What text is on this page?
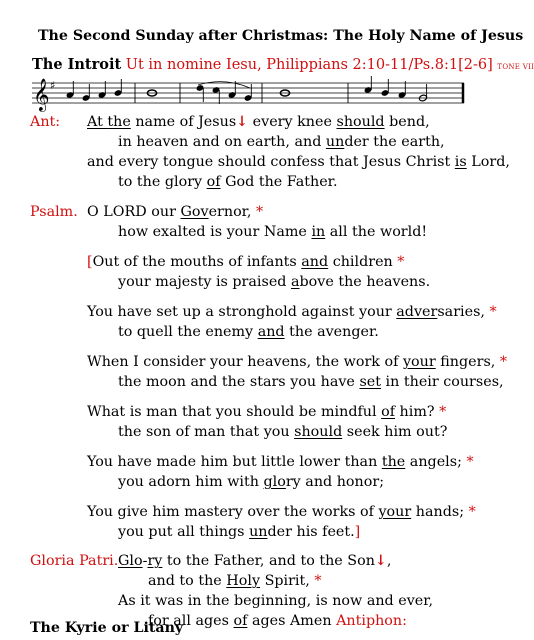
The Second Sunday after Christmas: The Holy Name of Jesus
The Introit Ut in nomine Iesu, Philippians 2:10-11/Ps.8:1[2-6] TONE VII
𝄞 ♯
Ant: At the name of Jesus↓ every knee should bend,
in heaven and on earth, and under the earth,
and every tongue should confess that Jesus Christ is Lord,
to the glory of God the Father.
Psalm. O LORD our Governor, *
how exalted is your Name in all the world!
[Out of the mouths of infants and children *
your majesty is praised above the heavens.
You have set up a stronghold against your adversaries, *
to quell the enemy and the avenger.
When I consider your heavens, the work of your fingers, *
the moon and the stars you have set in their courses,
What is man that you should be mindful of him? *
the son of man that you should seek him out?
You have made him but little lower than the angels; *
you adorn him with glory and honor;
You give him mastery over the works of your hands; *
you put all things under his feet.]
Gloria Patri. Glo-ry to the Father, and to the Son↓,
and to the Holy Spirit, *
As it was in the beginning, is now and ever,
for all ages of ages Amen Antiphon:
The Kyrie or Litany
